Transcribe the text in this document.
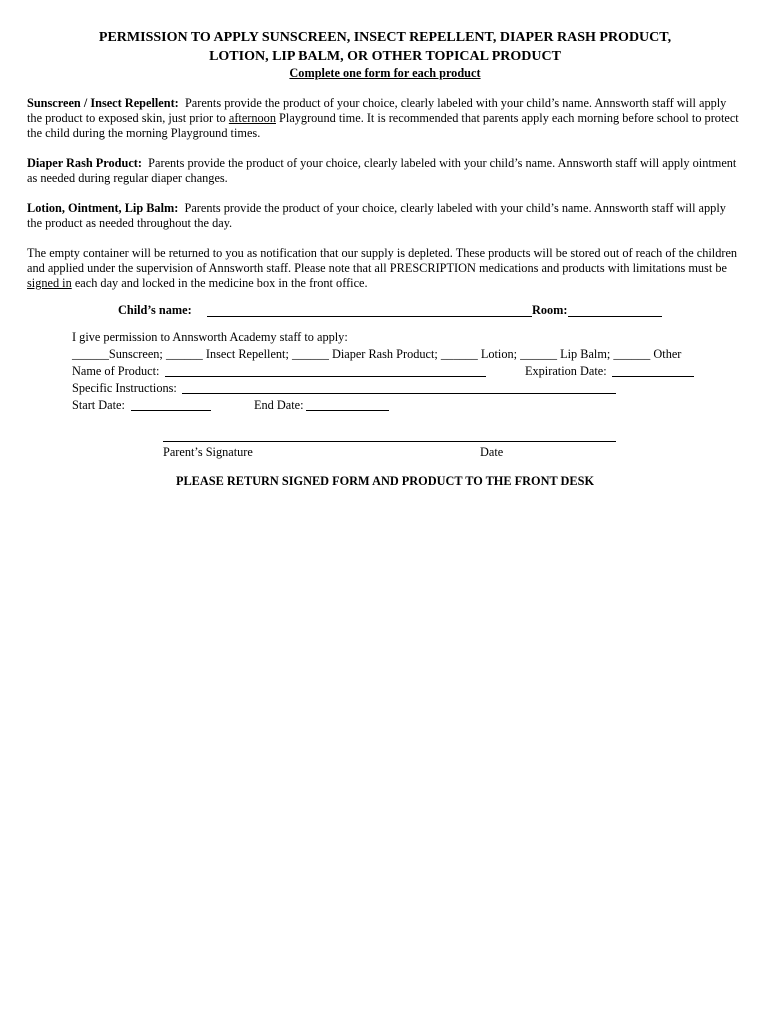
PERMISSION TO APPLY SUNSCREEN, INSECT REPELLENT, DIAPER RASH PRODUCT,
LOTION, LIP BALM, OR OTHER TOPICAL PRODUCT
Complete one form for each product
Sunscreen / Insect Repellent: Parents provide the product of your choice, clearly labeled with your child’s name. Annsworth staff will apply the product to exposed skin, just prior to afternoon Playground time. It is recommended that parents apply each morning before school to protect the child during the morning Playground times.
Diaper Rash Product: Parents provide the product of your choice, clearly labeled with your child’s name. Annsworth staff will apply ointment as needed during regular diaper changes.
Lotion, Ointment, Lip Balm: Parents provide the product of your choice, clearly labeled with your child’s name. Annsworth staff will apply the product as needed throughout the day.
The empty container will be returned to you as notification that our supply is depleted. These products will be stored out of reach of the children and applied under the supervision of Annsworth staff. Please note that all PRESCRIPTION medications and products with limitations must be signed in each day and locked in the medicine box in the front office.
Child’s name:	Room:
I give permission to Annsworth Academy staff to apply:
______Sunscreen; ______ Insect Repellent; ______ Diaper Rash Product; ______ Lotion; ______ Lip Balm; ______ Other
Name of Product:	Expiration Date:
Specific Instructions:
Start Date:	End Date:
Parent’s Signature	Date
PLEASE RETURN SIGNED FORM AND PRODUCT TO THE FRONT DESK
